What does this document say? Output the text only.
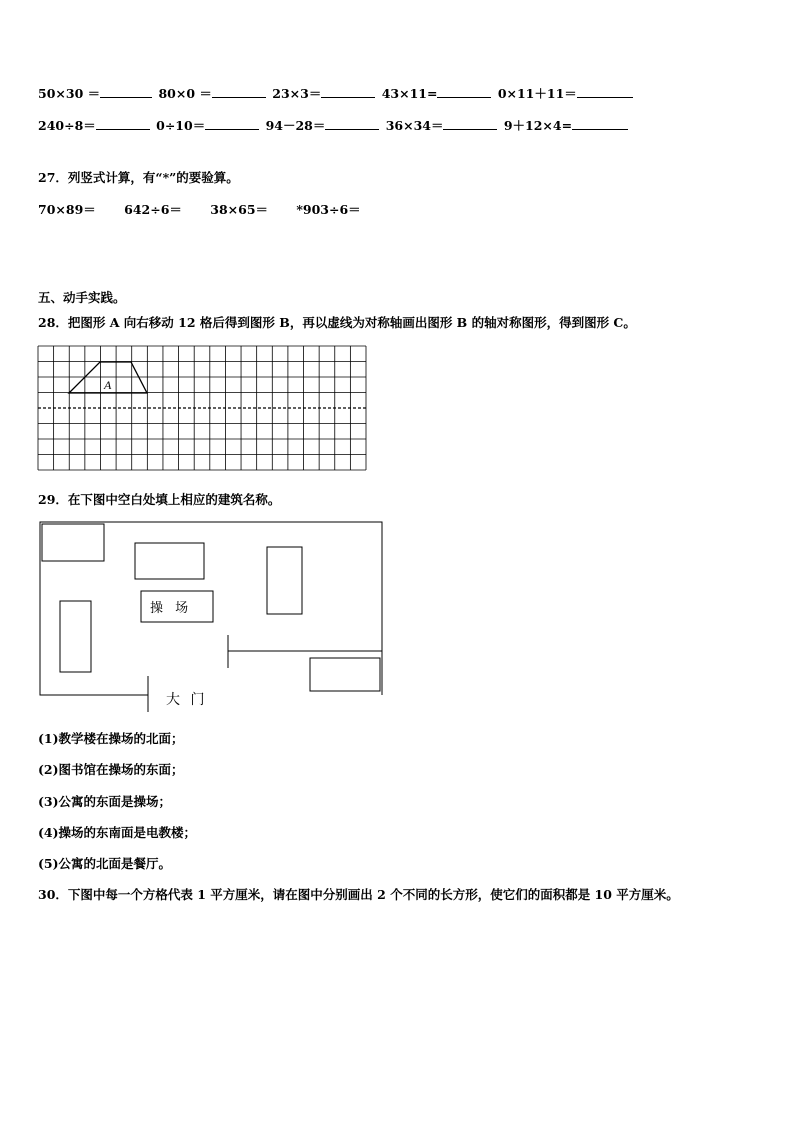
50×30 ＝	80×0 ＝	23×3＝	43×11=	0×11＋11＝
240÷8＝	0÷10＝	94－28＝	36×34＝	9＋12×4=
27．列竖式计算，有“*”的要验算。
70×89＝ 642÷6＝ 38×65＝ *903÷6＝
五、动手实践。
28．把图形 A 向右移动 12 格后得到图形 B，再以虚线为对称轴画出图形 B 的轴对称图形，得到图形 C。
A
29．在下图中空白处填上相应的建筑名称。
操 场
大 门
(1)教学楼在操场的北面；
(2)图书馆在操场的东面；
(3)公寓的东面是操场；
(4)操场的东南面是电教楼；
(5)公寓的北面是餐厅。
30．下图中每一个方格代表 1 平方厘米，请在图中分别画出 2 个不同的长方形，使它们的面积都是 10 平方厘米。
